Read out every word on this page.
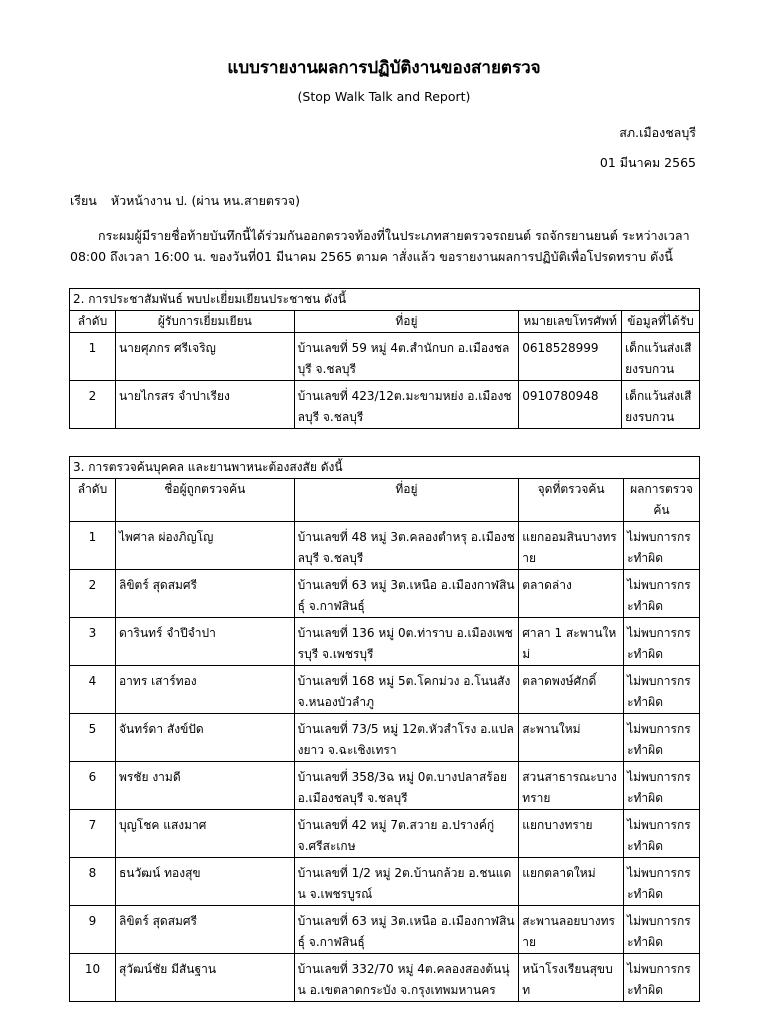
แบบรายงานผลการปฏิบัติงานของสายตรวจ
(Stop Walk Talk and Report)
สภ.เมืองชลบุรี
01 มีนาคม 2565
เรียน หัวหน้างาน ป. (ผ่าน หน.สายตรวจ)
กระผมผู้มีรายชื่อท้ายบันทึกนี้ได้ร่วมกันออกตรวจท้องที่ในประเภทสายตรวจรถยนต์ รถจักรยานยนต์ ระหว่างเวลา 08:00 ถึงเวลา 16:00 น. ของวันที่01 มีนาคม 2565 ตามค าสั่งแล้ว ขอรายงานผลการปฏิบัติเพื่อโปรดทราบ ดังนี้
2. การประชาสัมพันธ์ พบปะเยี่ยมเยียนประชาชน ดังนี้				
ลำดับ	ผู้รับการเยี่ยมเยียน	ที่อยู่	หมายเลขโทรศัพท์	ข้อมูลที่ได้รับ
1	นายศุภกร ศรีเจริญ	บ้านเลขที่ 59 หมู่ 4ต.สำนักบก อ.เมืองชลบุรี จ.ชลบุรี	0618528999	เด็กแว้นส่งเสียงรบกวน
2	นายไกรสร จำปาเรียง	บ้านเลขที่ 423/12ต.มะขามหย่ง อ.เมืองชลบุรี จ.ชลบุรี	0910780948	เด็กแว้นส่งเสียงรบกวน
3. การตรวจค้นบุคคล และยานพาหนะต้องสงสัย ดังนี้				
ลำดับ	ชื่อผู้ถูกตรวจค้น	ที่อยู่	จุดที่ตรวจค้น	ผลการตรวจค้น
1	ไพศาล ผ่องภิญโญ	บ้านเลขที่ 48 หมู่ 3ต.คลองตำหรุ อ.เมืองชลบุรี จ.ชลบุรี	แยกออมสินบางทราย	ไม่พบการกระทำผิด
2	ลิขิตร์ สุดสมศรี	บ้านเลขที่ 63 หมู่ 3ต.เหนือ อ.เมืองกาฬสินธุ์ จ.กาฬสินธุ์	ตลาดล่าง	ไม่พบการกระทำผิด
3	ดารินทร์ จำปีจำปา	บ้านเลขที่ 136 หมู่ 0ต.ท่าราบ อ.เมืองเพชรบุรี จ.เพชรบุรี	ศาลา 1 สะพานใหม่	ไม่พบการกระทำผิด
4	อาทร เสาร์ทอง	บ้านเลขที่ 168 หมู่ 5ต.โคกม่วง อ.โนนสัง จ.หนองบัวลำภู	ตลาดพงษ์ศักดิ์	ไม่พบการกระทำผิด
5	จันทร์ดา สังข์ปัด	บ้านเลขที่ 73/5 หมู่ 12ต.หัวสำโรง อ.แปลงยาว จ.ฉะเชิงเทรา	สะพานใหม่	ไม่พบการกระทำผิด
6	พรชัย งามดี	บ้านเลขที่ 358/3ฉ หมู่ 0ต.บางปลาสร้อย อ.เมืองชลบุรี จ.ชลบุรี	สวนสาธารณะบางทราย	ไม่พบการกระทำผิด
7	บุญโชค แสงมาศ	บ้านเลขที่ 42 หมู่ 7ต.สวาย อ.ปรางค์กู่ จ.ศรีสะเกษ	แยกบางทราย	ไม่พบการกระทำผิด
8	ธนวัฒน์ ทองสุข	บ้านเลขที่ 1/2 หมู่ 2ต.บ้านกล้วย อ.ชนแดน จ.เพชรบูรณ์	แยกตลาดใหม่	ไม่พบการกระทำผิด
9	ลิขิตร์ สุดสมศรี	บ้านเลขที่ 63 หมู่ 3ต.เหนือ อ.เมืองกาฬสินธุ์ จ.กาฬสินธุ์	สะพานลอยบางทราย	ไม่พบการกระทำผิด
10	สุวัฒน์ชัย มีสันฐาน	บ้านเลขที่ 332/70 หมู่ 4ต.คลองสองต้นนุ่น อ.เขตลาดกระบัง จ.กรุงเทพมหานคร	หน้าโรงเรียนสุขบท	ไม่พบการกระทำผิด
